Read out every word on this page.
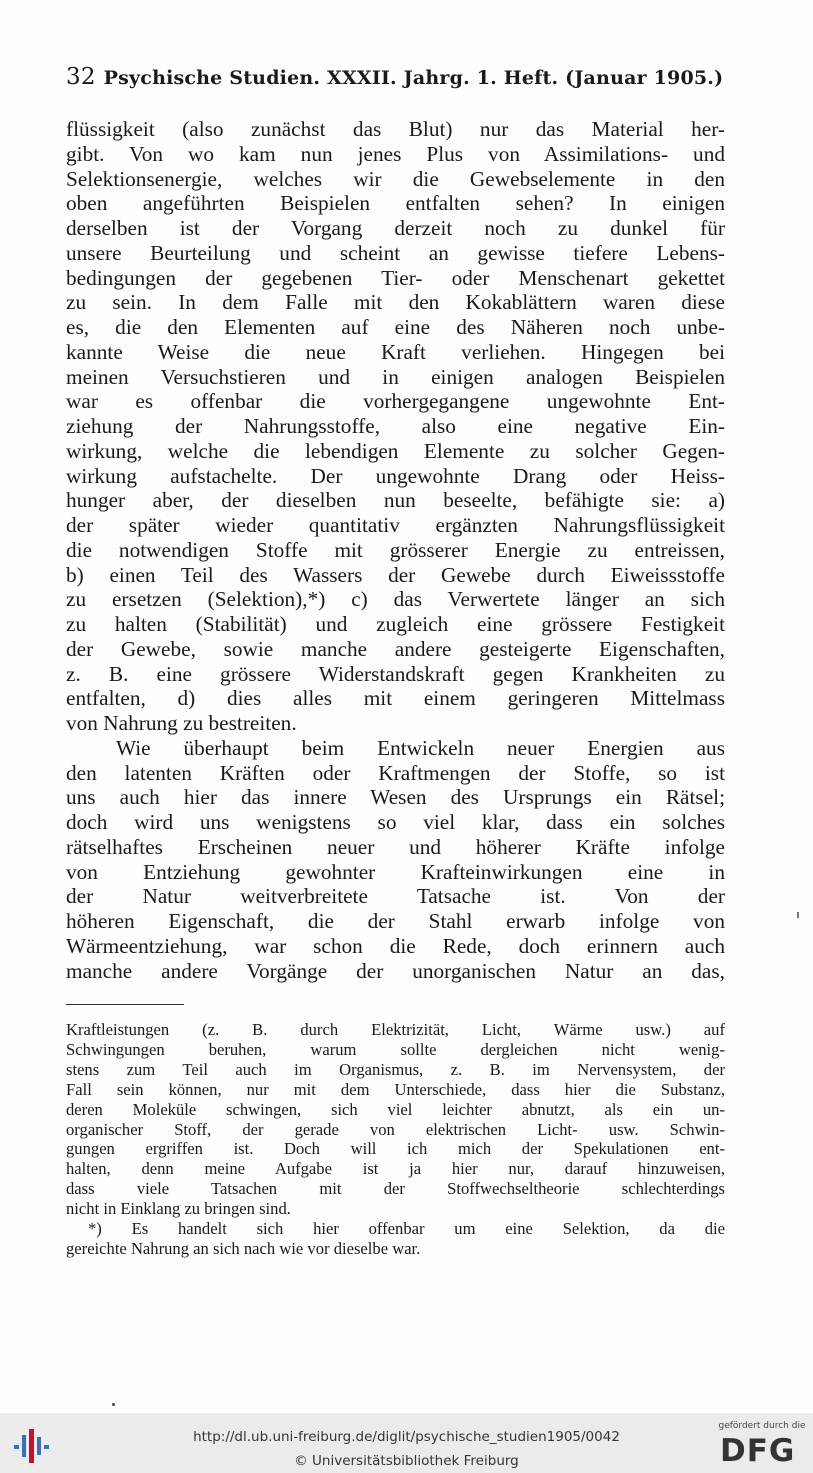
32 Psychische Studien. XXXII. Jahrg. 1. Heft. (Januar 1905.)
flüssigkeit (also zunächst das Blut) nur das Material her-
gibt. Von wo kam nun jenes Plus von Assimilations- und
Selektionsenergie, welches wir die Gewebselemente in den
oben angeführten Beispielen entfalten sehen? In einigen
derselben ist der Vorgang derzeit noch zu dunkel für
unsere Beurteilung und scheint an gewisse tiefere Lebens-
bedingungen der gegebenen Tier- oder Menschenart gekettet
zu sein. In dem Falle mit den Kokablättern waren diese
es, die den Elementen auf eine des Näheren noch unbe-
kannte Weise die neue Kraft verliehen. Hingegen bei
meinen Versuchstieren und in einigen analogen Beispielen
war es offenbar die vorhergegangene ungewohnte Ent-
ziehung der Nahrungsstoffe, also eine negative Ein-
wirkung, welche die lebendigen Elemente zu solcher Gegen-
wirkung aufstachelte. Der ungewohnte Drang oder Heiss-
hunger aber, der dieselben nun beseelte, befähigte sie: a)
der später wieder quantitativ ergänzten Nahrungsflüssigkeit
die notwendigen Stoffe mit grösserer Energie zu entreissen,
b) einen Teil des Wassers der Gewebe durch Eiweissstoffe
zu ersetzen (Selektion),*) c) das Verwertete länger an sich
zu halten (Stabilität) und zugleich eine grössere Festigkeit
der Gewebe, sowie manche andere gesteigerte Eigenschaften,
z. B. eine grössere Widerstandskraft gegen Krankheiten zu
entfalten, d) dies alles mit einem geringeren Mittelmass
von Nahrung zu bestreiten.
Wie überhaupt beim Entwickeln neuer Energien aus
den latenten Kräften oder Kraftmengen der Stoffe, so ist
uns auch hier das innere Wesen des Ursprungs ein Rätsel;
doch wird uns wenigstens so viel klar, dass ein solches
rätselhaftes Erscheinen neuer und höherer Kräfte infolge
von Entziehung gewohnter Krafteinwirkungen eine in
der Natur weitverbreitete Tatsache ist. Von der
höheren Eigenschaft, die der Stahl erwarb infolge von
Wärmeentziehung, war schon die Rede, doch erinnern auch
manche andere Vorgänge der unorganischen Natur an das,
Kraftleistungen (z. B. durch Elektrizität, Licht, Wärme usw.) auf
Schwingungen beruhen, warum sollte dergleichen nicht wenig-
stens zum Teil auch im Organismus, z. B. im Nervensystem, der
Fall sein können, nur mit dem Unterschiede, dass hier die Substanz,
deren Moleküle schwingen, sich viel leichter abnutzt, als ein un-
organischer Stoff, der gerade von elektrischen Licht- usw. Schwin-
gungen ergriffen ist. Doch will ich mich der Spekulationen ent-
halten, denn meine Aufgabe ist ja hier nur, darauf hinzuweisen,
dass viele Tatsachen mit der Stoffwechseltheorie schlechterdings
nicht in Einklang zu bringen sind.
*) Es handelt sich hier offenbar um eine Selektion, da die
gereichte Nahrung an sich nach wie vor dieselbe war.
http://dl.ub.uni-freiburg.de/diglit/psychische_studien1905/0042
© Universitätsbibliothek Freiburg
gefördert durch die
DFG
